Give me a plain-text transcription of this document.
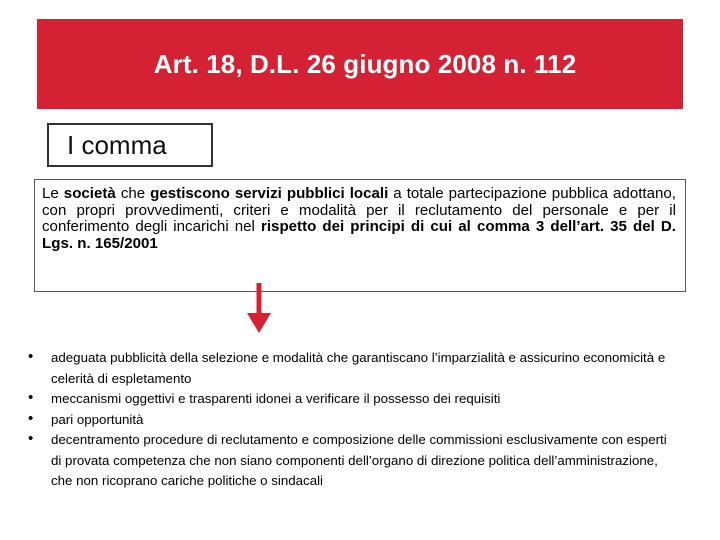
Art. 18, D.L. 26 giugno 2008 n. 112
I comma
Le società che gestiscono servizi pubblici locali a totale partecipazione pubblica adottano, con propri provvedimenti, criteri e modalità per il reclutamento del personale e per il conferimento degli incarichi nel rispetto dei principi di cui al comma 3 dell’art. 35 del D. Lgs. n. 165/2001
• adeguata pubblicità della selezione e modalità che garantiscano l’imparzialità e assicurino economicità e celerità di espletamento
• meccanismi oggettivi e trasparenti idonei a verificare il possesso dei requisiti
• pari opportunità
• decentramento procedure di reclutamento e composizione delle commissioni esclusivamente con esperti di provata competenza che non siano componenti dell’organo di direzione politica dell’amministrazione, che non ricoprano cariche politiche o sindacali
